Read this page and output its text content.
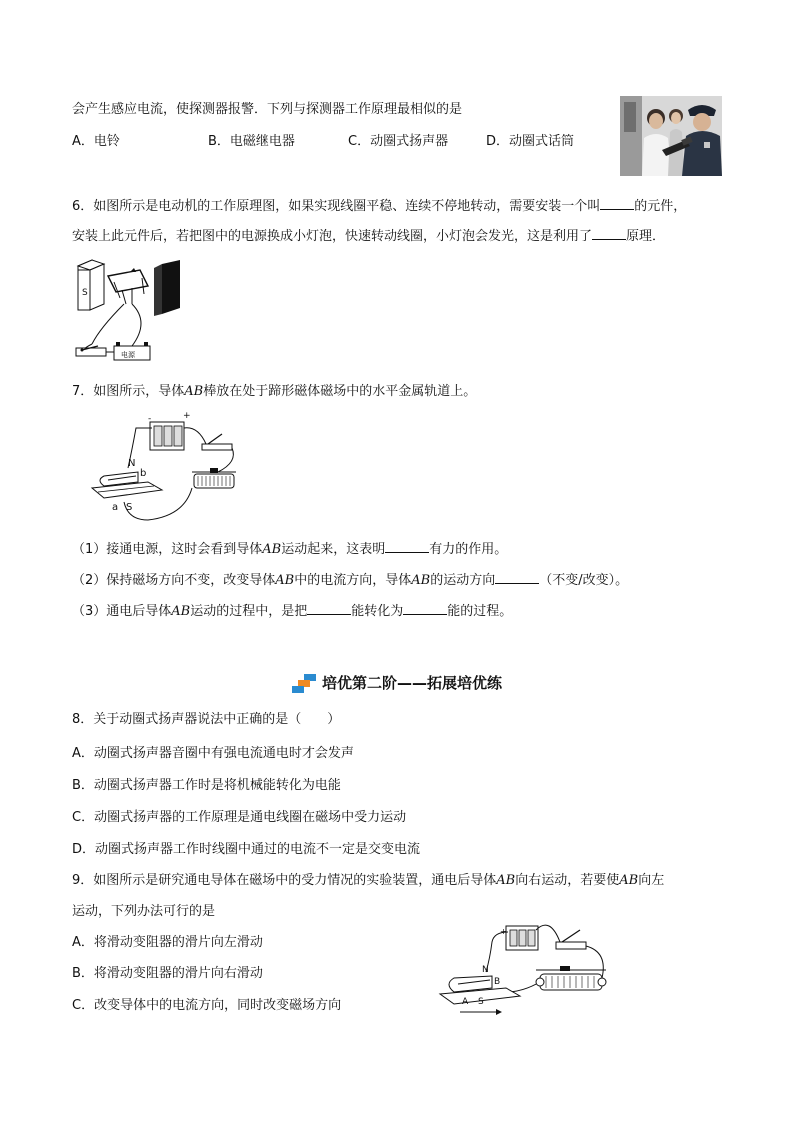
会产生感应电流，使探测器报警．下列与探测器工作原理最相似的是
A．电铃	B．电磁继电器	C．动圈式扬声器	D．动圈式话筒
6．如图所示是电动机的工作原理图，如果实现线圈平稳、连续不停地转动，需要安装一个叫	的元件，
安装上此元件后，若把图中的电源换成小灯泡，快速转动线圈，小灯泡会发光，这是利用了	原理．
S
电源
7．如图所示，导体AB棒放在处于蹄形磁体磁场中的水平金属轨道上。
-	+
N
b
a S
（1）接通电源，这时会看到导体AB运动起来，这表明	有力的作用。
（2）保持磁场方向不变，改变导体AB中的电流方向，导体AB的运动方向	（不变/改变）。
（3）通电后导体AB运动的过程中，是把	能转化为	能的过程。
培优第二阶——拓展培优练
8．关于动圈式扬声器说法中正确的是（　　）
A．动圈式扬声器音圈中有强电流通电时才会发声
B．动圈式扬声器工作时是将机械能转化为电能
C．动圈式扬声器的工作原理是通电线圈在磁场中受力运动
D．动圈式扬声器工作时线圈中通过的电流不一定是交变电流
9．如图所示是研究通电导体在磁场中的受力情况的实验装置，通电后导体AB向右运动，若要使AB向左
运动，下列办法可行的是
A．将滑动变阻器的滑片向左滑动
B．将滑动变阻器的滑片向右滑动
C．改变导体中的电流方向，同时改变磁场方向
+
N
B
A S
